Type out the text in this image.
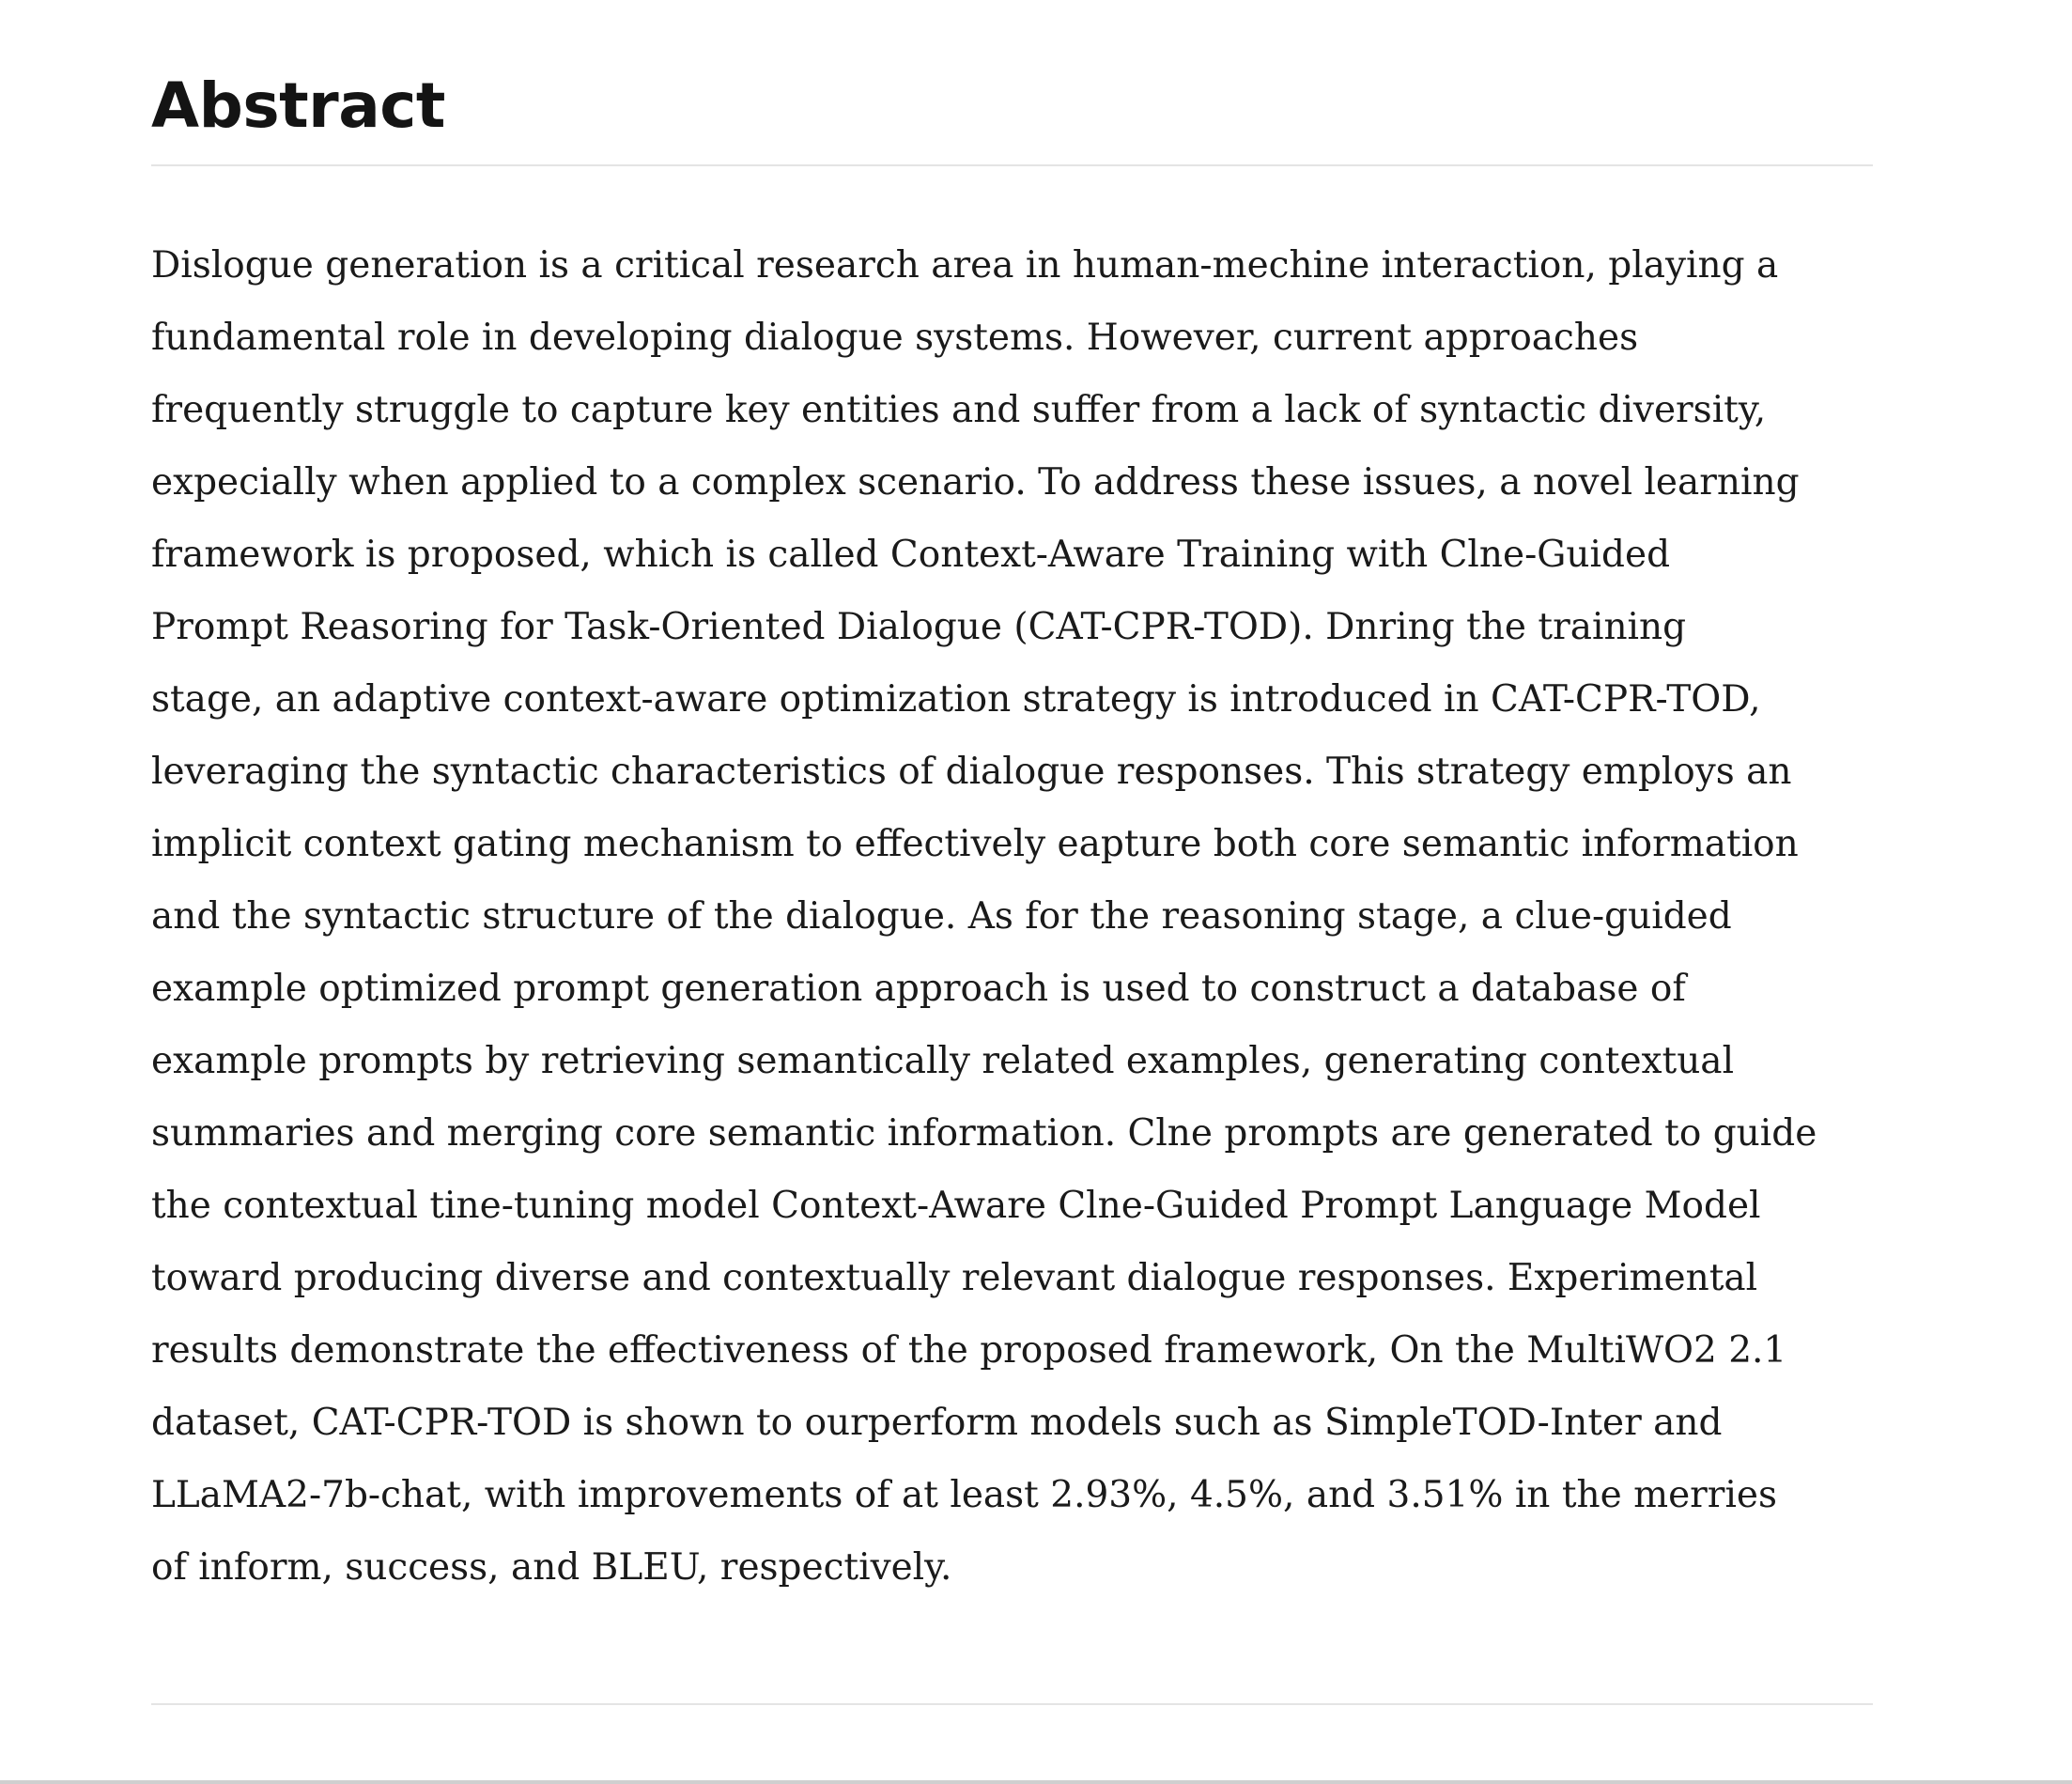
Abstract

Dislogue generation is a critical research area in human-mechine interaction, playing a
fundamental role in developing dialogue systems. However, current approaches
frequently struggle to capture key entities and suffer from a lack of syntactic diversity,
expecially when applied to a complex scenario. To address these issues, a novel learning
framework is proposed, which is called Context-Aware Training with Clne-Guided
Prompt Reasoring for Task-Oriented Dialogue (CAT-CPR-TOD). Dnring the training
stage, an adaptive context-aware optimization strategy is introduced in CAT-CPR-TOD,
leveraging the syntactic characteristics of dialogue responses. This strategy employs an
implicit context gating mechanism to effectively eapture both core semantic information
and the syntactic structure of the dialogue. As for the reasoning stage, a clue-guided
example optimized prompt generation approach is used to construct a database of
example prompts by retrieving semantically related examples, generating contextual
summaries and merging core semantic information. Clne prompts are generated to guide
the contextual tine-tuning model Context-Aware Clne-Guided Prompt Language Model
toward producing diverse and contextually relevant dialogue responses. Experimental
results demonstrate the effectiveness of the proposed framework, On the MultiWO2 2.1
dataset, CAT-CPR-TOD is shown to ourperform models such as SimpleTOD-Inter and
LLaMA2-7b-chat, with improvements of at least 2.93%, 4.5%, and 3.51% in the merries
of inform, success, and BLEU, respectively.
